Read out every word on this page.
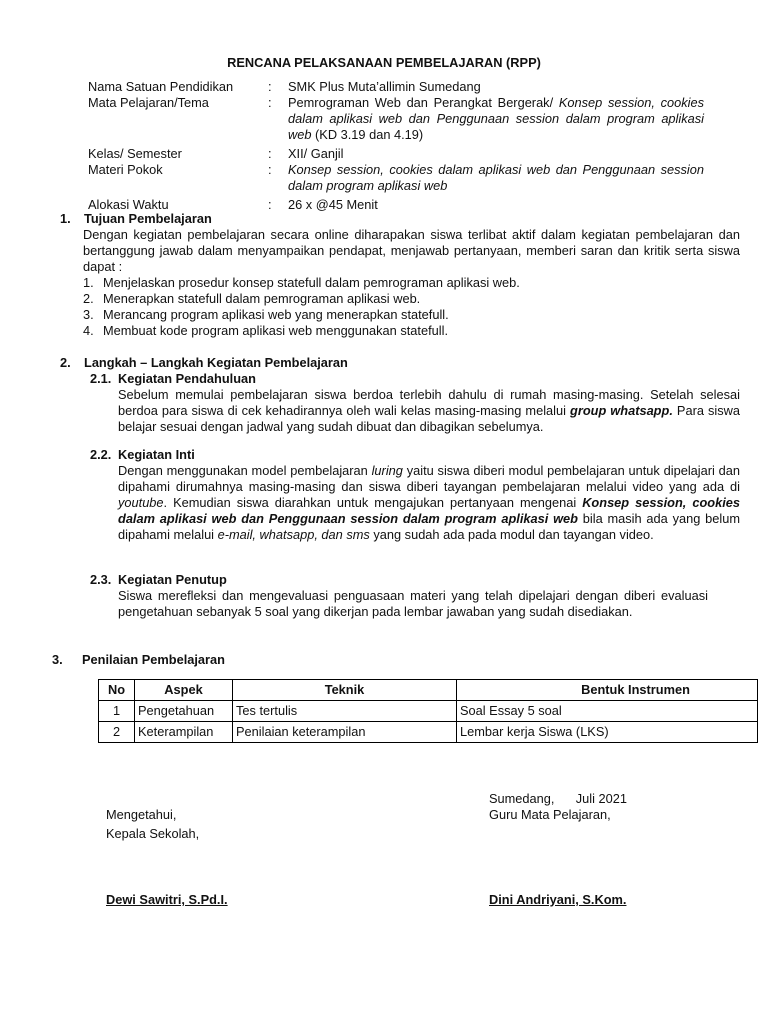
RENCANA PELAKSANAAN PEMBELAJARAN (RPP)
Nama Satuan Pendidikan	:	SMK Plus Muta’allimin Sumedang
Mata Pelajaran/Tema	:	Pemrograman Web dan Perangkat Bergerak/ Konsep session, cookies dalam aplikasi web dan Penggunaan session dalam program aplikasi web (KD 3.19 dan 4.19)
Kelas/ Semester	:	XII/ Ganjil
Materi Pokok	:	Konsep session, cookies dalam aplikasi web dan Penggunaan session dalam program aplikasi web
Alokasi Waktu	:	26 x @45 Menit
1.	Tujuan Pembelajaran
Dengan kegiatan pembelajaran secara online diharapakan siswa terlibat aktif dalam kegiatan pembelajaran dan bertanggung jawab dalam menyampaikan pendapat, menjawab pertanyaan, memberi saran dan kritik serta siswa dapat :
1. Menjelaskan prosedur konsep statefull dalam pemrograman aplikasi web.
2. Menerapkan statefull dalam pemrograman aplikasi web.
3. Merancang program aplikasi web yang menerapkan statefull.
4. Membuat kode program aplikasi web menggunakan statefull.
2.	Langkah – Langkah Kegiatan Pembelajaran
2.1. Kegiatan Pendahuluan
Sebelum memulai pembelajaran siswa berdoa terlebih dahulu di rumah masing-masing. Setelah selesai berdoa para siswa di cek kehadirannya oleh wali kelas masing-masing melalui group whatsapp. Para siswa belajar sesuai dengan jadwal yang sudah dibuat dan dibagikan sebelumya.
2.2. Kegiatan Inti
Dengan menggunakan model pembelajaran luring yaitu siswa diberi modul pembelajaran untuk dipelajari dan dipahami dirumahnya masing-masing dan siswa diberi tayangan pembelajaran melalui video yang ada di youtube. Kemudian siswa diarahkan untuk mengajukan pertanyaan mengenai Konsep session, cookies dalam aplikasi web dan Penggunaan session dalam program aplikasi web bila masih ada yang belum dipahami melalui e-mail, whatsapp, dan sms yang sudah ada pada modul dan tayangan video.
2.3. Kegiatan Penutup
Siswa merefleksi dan mengevaluasi penguasaan materi yang telah dipelajari dengan diberi evaluasi pengetahuan sebanyak 5 soal yang dikerjan pada lembar jawaban yang sudah disediakan.
3.	Penilaian Pembelajaran
No	Aspek	Teknik	Bentuk Instrumen
1	Pengetahuan	Tes tertulis	Soal Essay 5 soal
2	Keterampilan	Penilaian keterampilan	Lembar kerja Siswa (LKS)
Sumedang,      Juli 2021
Guru Mata Pelajaran,
Mengetahui,
Kepala Sekolah,
Dewi Sawitri, S.Pd.I.	Dini Andriyani, S.Kom.
